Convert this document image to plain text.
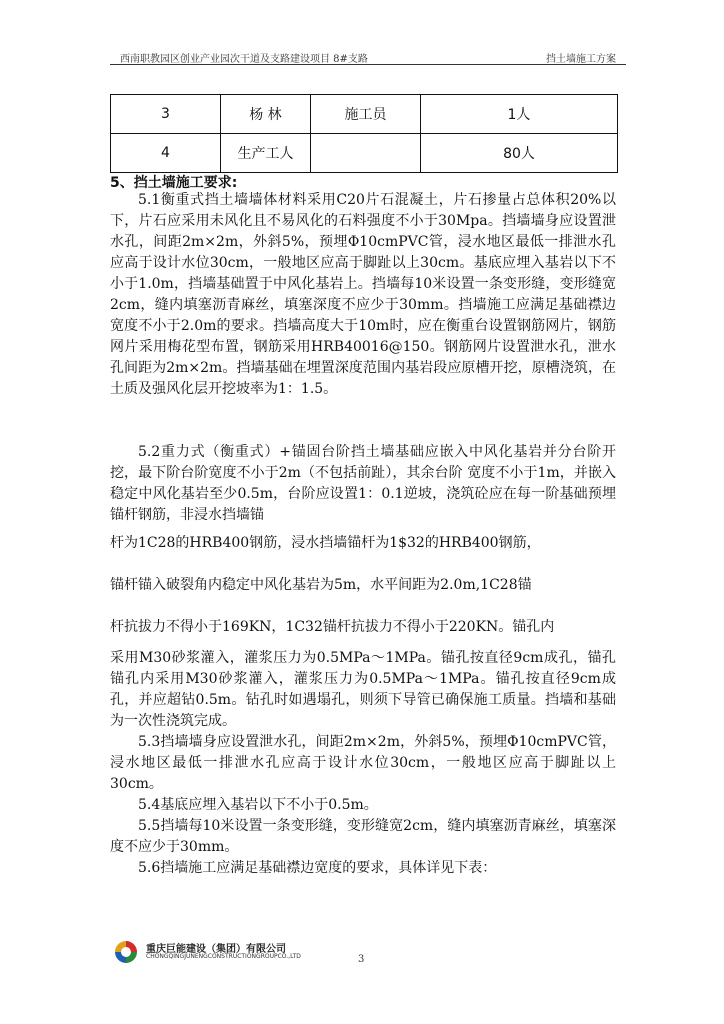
西南职教园区创业产业园次干道及支路建设项目 8#支路	挡土墙施工方案
3	杨 林	施工员	1人
4	生产工人		80人
5、挡土墙施工要求:

5.1衡重式挡土墙墙体材料采用C20片石混凝土，片石掺量占总体积20%以下，片石应采用未风化且不易风化的石料强度不小于30Mpa。挡墙墙身应设置泄水孔，间距2m×2m，外斜5%，预埋Φ10cmPVC管，浸水地区最低一排泄水孔应高于设计水位30cm，一般地区应高于脚趾以上30cm。基底应埋入基岩以下不小于1.0m，挡墙基础置于中风化基岩上。挡墙每10米设置一条变形缝，变形缝宽2cm，缝内填塞沥青麻丝，填塞深度不应少于30mm。挡墙施工应满足基础襟边宽度不小于2.0m的要求。挡墙高度大于10m时，应在衡重台设置钢筋网片，钢筋网片采用梅花型布置，钢筋采用HRB40016@150。钢筋网片设置泄水孔，泄水孔间距为2m×2m。挡墙基础在埋置深度范围内基岩段应原槽开挖，原槽浇筑，在土质及强风化层开挖坡率为1：1.5。

5.2重力式（衡重式）+锚固台阶挡土墙基础应嵌入中风化基岩并分台阶开挖，最下阶台阶宽度不小于2m（不包括前趾），其余台阶 宽度不小于1m，并嵌入稳定中风化基岩至少0.5m，台阶应设置1：0.1逆坡，浇筑砼应在每一阶基础预埋锚杆钢筋，非浸水挡墙锚
杆为1C28的HRB400钢筋，浸水挡墙锚杆为1$32的HRB400钢筋，
锚杆锚入破裂角内稳定中风化基岩为5m，水平间距为2.0m,1C28锚
杆抗拔力不得小于169KN，1C32锚杆抗拔力不得小于220KN。锚孔内
采用M30砂浆灌入，灌浆压力为0.5MPa～1MPa。锚孔按直径9cm成孔，锚孔锚孔内采用M30砂浆灌入，灌浆压力为0.5MPa～1MPa。锚孔按直径9cm成孔，并应超钻0.5m。钻孔时如遇塌孔，则须下导管已确保施工质量。挡墙和基础为一次性浇筑完成。
5.3挡墙墙身应设置泄水孔，间距2m×2m，外斜5%，预埋Φ10cmPVC管，浸水地区最低一排泄水孔应高于设计水位30cm，一般地区应高于脚趾以上30cm。
5.4基底应埋入基岩以下不小于0.5m。
5.5挡墙每10米设置一条变形缝，变形缝宽2cm，缝内填塞沥青麻丝，填塞深度不应少于30mm。
5.6挡墙施工应满足基础襟边宽度的要求，具体详见下表：
重庆巨能建设（集团）有限公司
CHONGQINGJUNENGCONSTRUCTIONGROUPCO.,LTD	3
